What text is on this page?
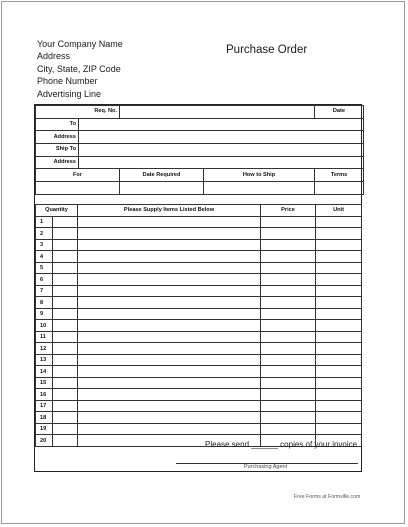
Your Company Name
Address
City, State, ZIP Code
Phone Number
Advertising Line
Purchase Order
Req. No.				Date
To				
Address				
Ship To				
Address				
For		Date Required	How to Ship	Terms

Quantity		Please Supply Items Listed Below	Price	Unit
1				
2				
3				
4				
5				
6				
7				
8				
9				
10				
11				
12				
13				
14				
15				
16				
17				
18				
19				
20					Please send ______ copies of your invoice
Purchasing Agent
Free Forms at Formville.com
